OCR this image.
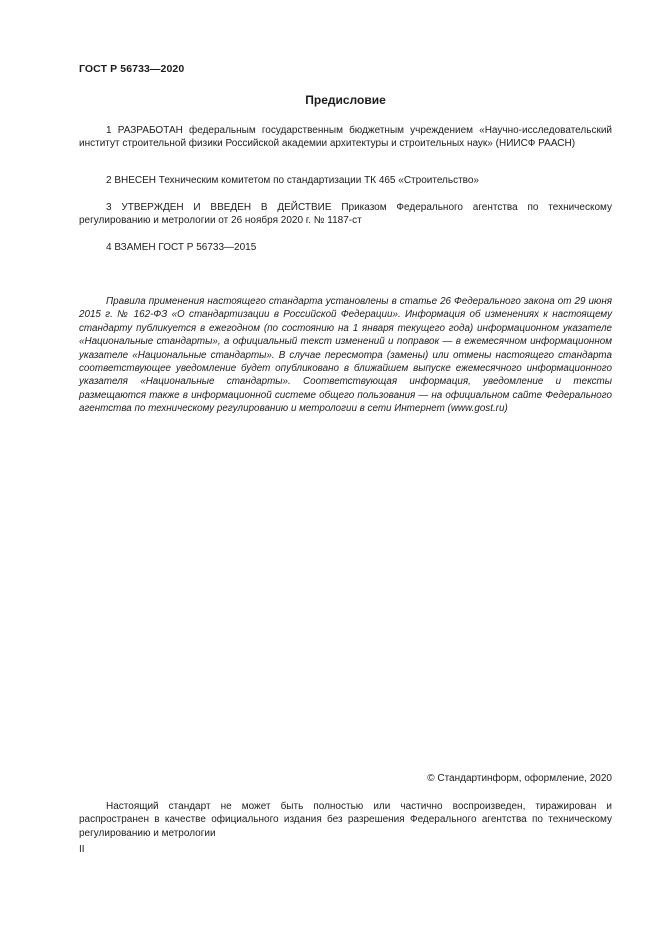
ГОСТ Р 56733—2020
Предисловие

1 РАЗРАБОТАН федеральным государственным бюджетным учреждением «Научно-исследовательский институт строительной физики Российской академии архитектуры и строительных наук» (НИИСФ РААСН)

2 ВНЕСЕН Техническим комитетом по стандартизации ТК 465 «Строительство»

3 УТВЕРЖДЕН И ВВЕДЕН В ДЕЙСТВИЕ Приказом Федерального агентства по техническому регулированию и метрологии от 26 ноября 2020 г. № 1187-ст

4 ВЗАМЕН ГОСТ Р 56733—2015

Правила применения настоящего стандарта установлены в статье 26 Федерального закона от 29 июня 2015 г. № 162-ФЗ «О стандартизации в Российской Федерации». Информация об изменениях к настоящему стандарту публикуется в ежегодном (по состоянию на 1 января текущего года) информационном указателе «Национальные стандарты», а официальный текст изменений и поправок — в ежемесячном информационном указателе «Национальные стандарты». В случае пересмотра (замены) или отмены настоящего стандарта соответствующее уведомление будет опубликовано в ближайшем выпуске ежемесячного информационного указателя «Национальные стандарты». Соответствующая информация, уведомление и тексты размещаются также в информационной системе общего пользования — на официальном сайте Федерального агентства по техническому регулированию и метрологии в сети Интернет (www.gost.ru)

© Стандартинформ, оформление, 2020

Настоящий стандарт не может быть полностью или частично воспроизведен, тиражирован и распространен в качестве официального издания без разрешения Федерального агентства по техническому регулированию и метрологии

II
